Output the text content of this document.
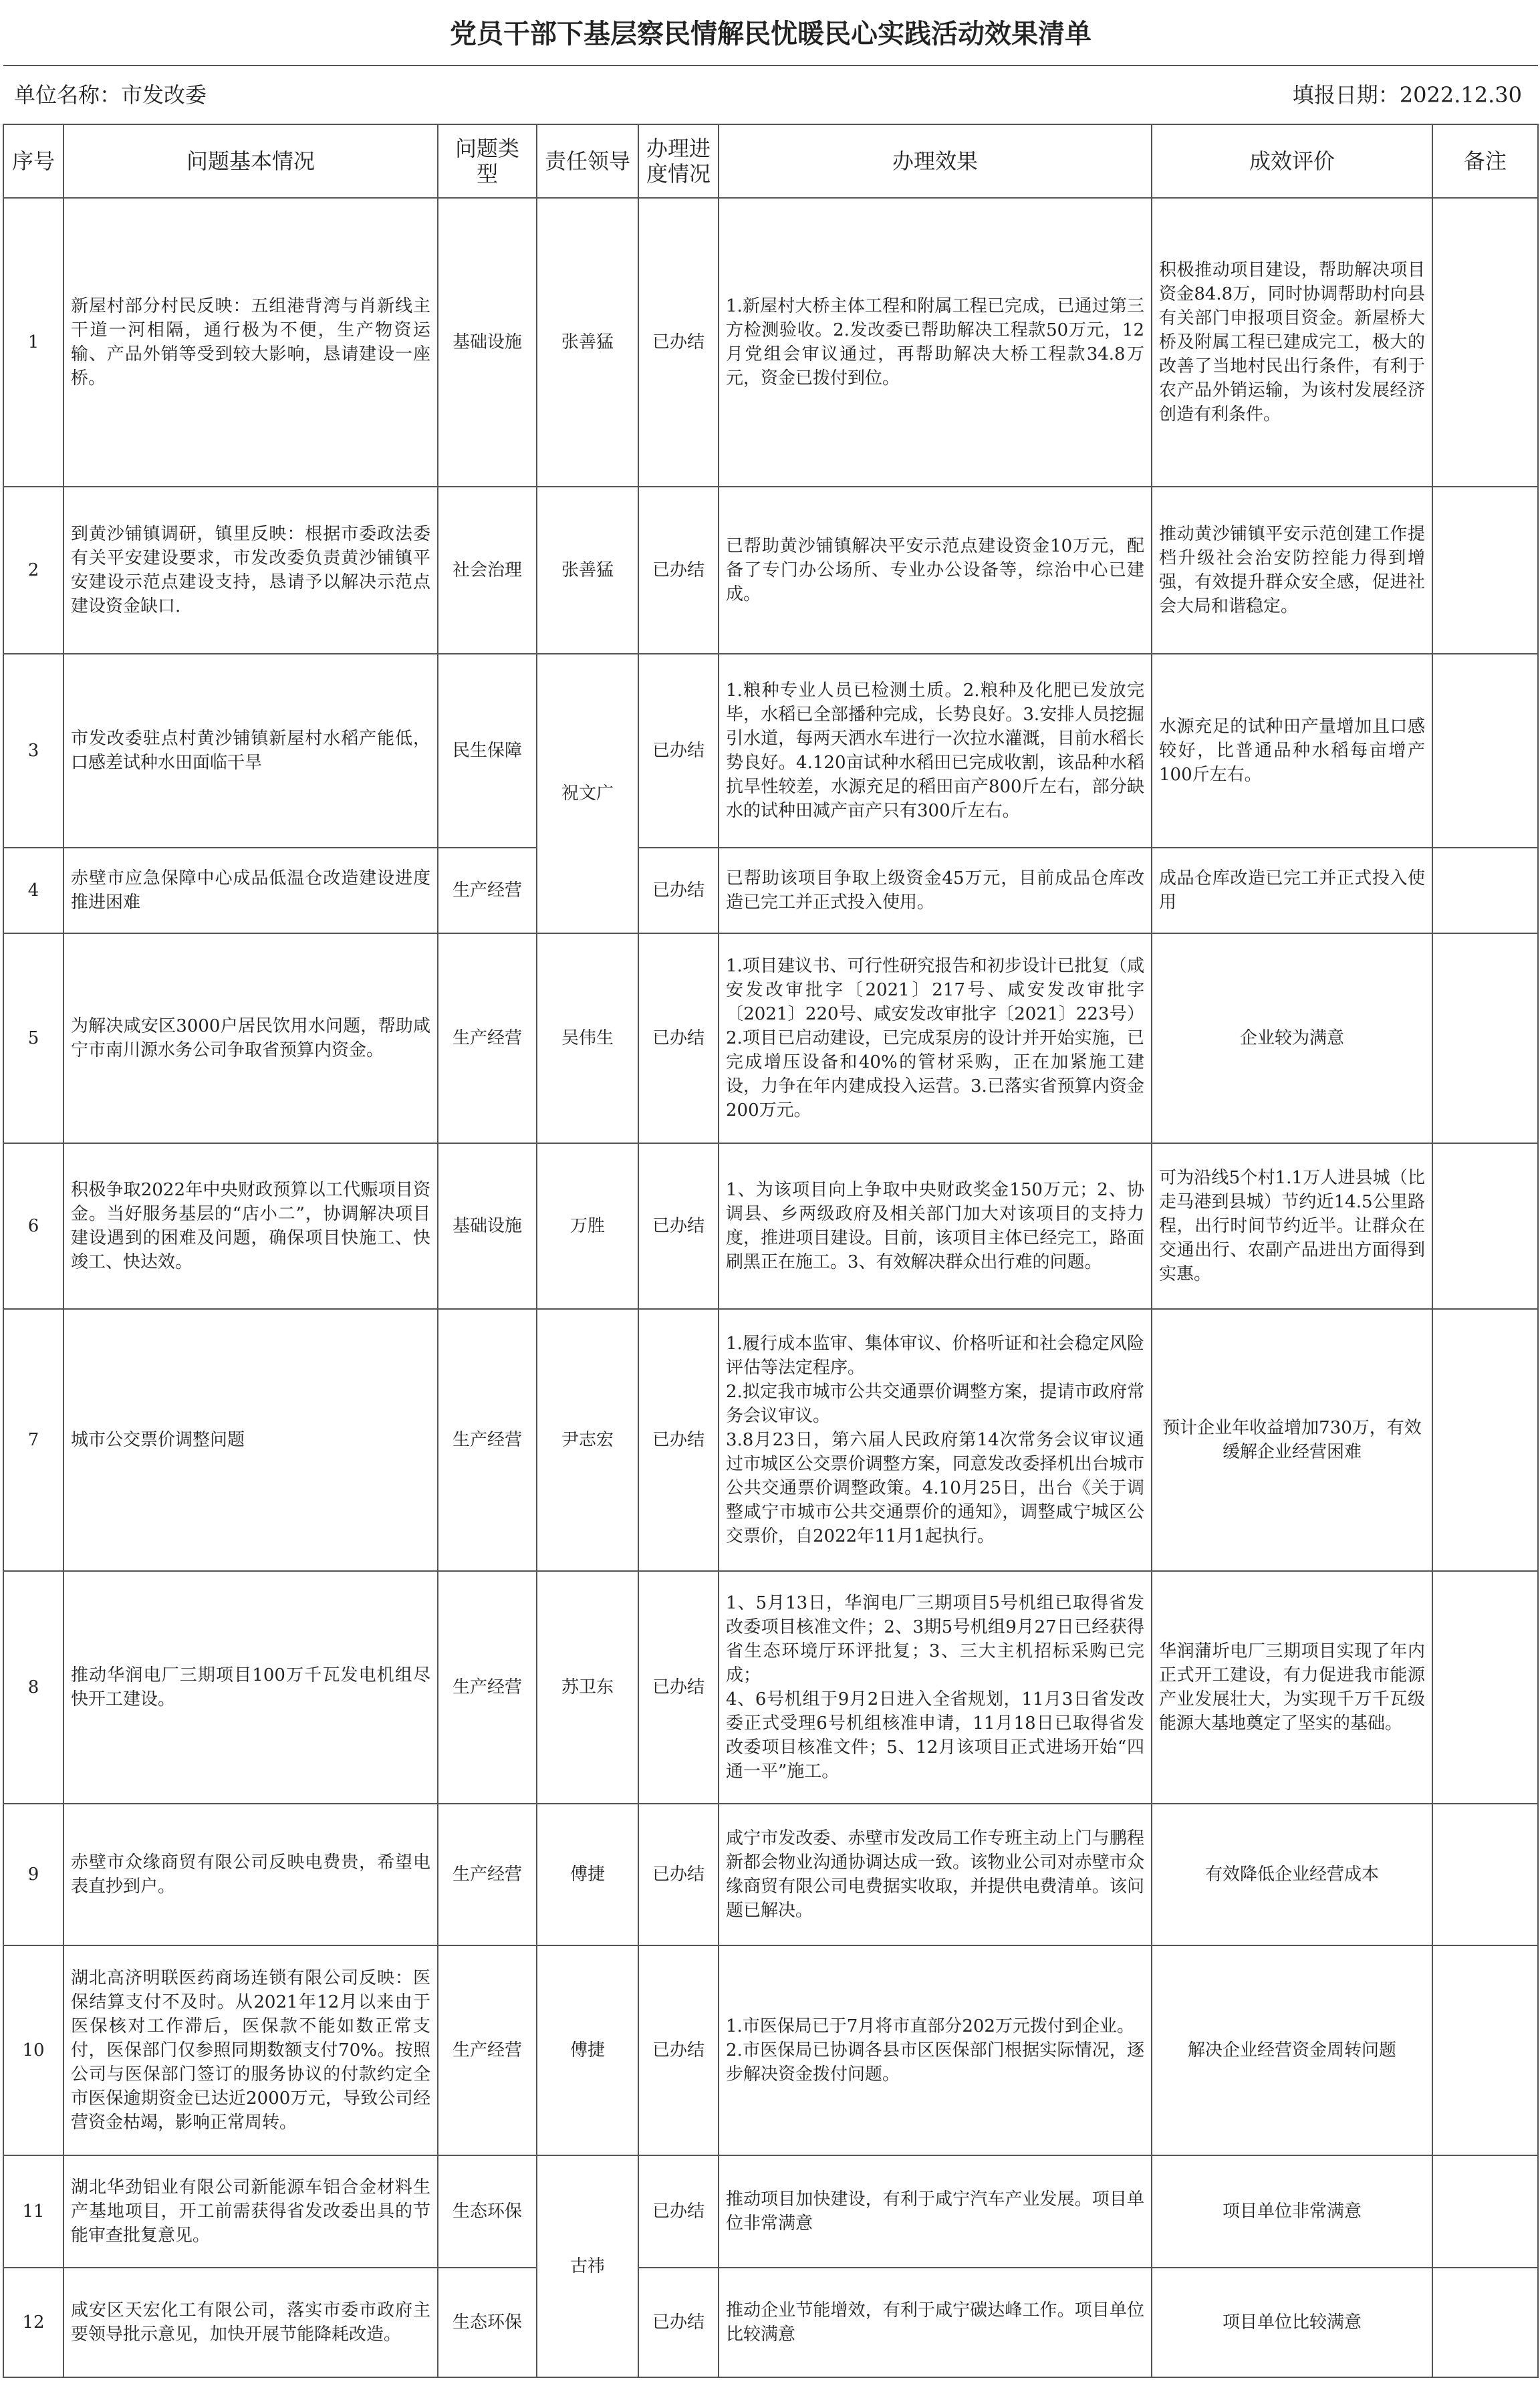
党员干部下基层察民情解民忧暖民心实践活动效果清单							
单位名称：市发改委						填报日期：2022.12.30	
序号	问题基本情况	问题类型	责任领导	办理进度情况	办理效果	成效评价	备注
1	新屋村部分村民反映：五组港背湾与肖新线主干道一河相隔，通行极为不便，生产物资运输、产品外销等受到较大影响，恳请建设一座桥。	基础设施	张善猛	已办结	1.新屋村大桥主体工程和附属工程已完成，已通过第三方检测验收。2.发改委已帮助解决工程款50万元，12月党组会审议通过，再帮助解决大桥工程款34.8万元，资金已拨付到位。	积极推动项目建设，帮助解决项目资金84.8万，同时协调帮助村向县有关部门申报项目资金。新屋桥大桥及附属工程已建成完工，极大的改善了当地村民出行条件，有利于农产品外销运输，为该村发展经济创造有利条件。	
2	到黄沙铺镇调研，镇里反映：根据市委政法委有关平安建设要求，市发改委负责黄沙铺镇平安建设示范点建设支持，恳请予以解决示范点建设资金缺口.	社会治理	张善猛	已办结	已帮助黄沙铺镇解决平安示范点建设资金10万元，配备了专门办公场所、专业办公设备等，综治中心已建成。	推动黄沙铺镇平安示范创建工作提档升级社会治安防控能力得到增强，有效提升群众安全感，促进社会大局和谐稳定。	
3	市发改委驻点村黄沙铺镇新屋村水稻产能低，口感差试种水田面临干旱	民生保障	祝文广	已办结	1.粮种专业人员已检测土质。2.粮种及化肥已发放完毕，水稻已全部播种完成，长势良好。3.安排人员挖掘引水道，每两天洒水车进行一次拉水灌溉，目前水稻长势良好。4.120亩试种水稻田已完成收割，该品种水稻抗旱性较差，水源充足的稻田亩产800斤左右，部分缺水的试种田减产亩产只有300斤左右。	水源充足的试种田产量增加且口感较好，比普通品种水稻每亩增产100斤左右。	
4	赤壁市应急保障中心成品低温仓改造建设进度推进困难	生产经营		已办结	已帮助该项目争取上级资金45万元，目前成品仓库改造已完工并正式投入使用。	成品仓库改造已完工并正式投入使用	
5	为解决咸安区3000户居民饮用水问题，帮助咸宁市南川源水务公司争取省预算内资金。	生产经营	吴伟生	已办结	1.项目建议书、可行性研究报告和初步设计已批复（咸安发改审批字〔2021〕217号、咸安发改审批字〔2021〕220号、咸安发改审批字〔2021〕223号）2.项目已启动建设，已完成泵房的设计并开始实施，已完成增压设备和40%的管材采购，正在加紧施工建设，力争在年内建成投入运营。3.已落实省预算内资金200万元。	企业较为满意	
6	积极争取2022年中央财政预算以工代赈项目资金。当好服务基层的“店小二”，协调解决项目建设遇到的困难及问题，确保项目快施工、快竣工、快达效。	基础设施	万胜	已办结	1、为该项目向上争取中央财政奖金150万元；2、协调县、乡两级政府及相关部门加大对该项目的支持力度，推进项目建设。目前，该项目主体已经完工，路面刷黑正在施工。3、有效解决群众出行难的问题。	可为沿线5个村1.1万人进县城（比走马港到县城）节约近14.5公里路程，出行时间节约近半。让群众在交通出行、农副产品进出方面得到实惠。	
7	城市公交票价调整问题	生产经营	尹志宏	已办结	1.履行成本监审、集体审议、价格听证和社会稳定风险评估等法定程序。
2.拟定我市城市公共交通票价调整方案，提请市政府常务会议审议。
3.8月23日，第六届人民政府第14次常务会议审议通过市城区公交票价调整方案，同意发改委择机出台城市公共交通票价调整政策。4.10月25日，出台《关于调整咸宁市城市公共交通票价的通知》，调整咸宁城区公交票价，自2022年11月1起执行。	预计企业年收益增加730万，有效缓解企业经营困难	
8	推动华润电厂三期项目100万千瓦发电机组尽快开工建设。	生产经营	苏卫东	已办结	1、5月13日，华润电厂三期项目5号机组已取得省发改委项目核准文件；2、3期5号机组9月27日已经获得省生态环境厅环评批复；3、三大主机招标采购已完成；
4、6号机组于9月2日进入全省规划，11月3日省发改委正式受理6号机组核准申请，11月18日已取得省发改委项目核准文件；5、12月该项目正式进场开始“四通一平”施工。	华润蒲圻电厂三期项目实现了年内正式开工建设，有力促进我市能源产业发展壮大，为实现千万千瓦级能源大基地奠定了坚实的基础。	
9	赤壁市众缘商贸有限公司反映电费贵，希望电表直抄到户。	生产经营	傅捷	已办结	咸宁市发改委、赤壁市发改局工作专班主动上门与鹏程新都会物业沟通协调达成一致。该物业公司对赤壁市众缘商贸有限公司电费据实收取，并提供电费清单。该问题已解决。	有效降低企业经营成本	
10	湖北高济明联医药商场连锁有限公司反映：医保结算支付不及时。从2021年12月以来由于医保核对工作滞后，医保款不能如数正常支付，医保部门仅参照同期数额支付70%。按照公司与医保部门签订的服务协议的付款约定全市医保逾期资金已达近2000万元，导致公司经营资金枯竭，影响正常周转。	生产经营	傅捷	已办结	1.市医保局已于7月将市直部分202万元拨付到企业。
2.市医保局已协调各县市区医保部门根据实际情况，逐步解决资金拨付问题。	解决企业经营资金周转问题	
11	湖北华劲铝业有限公司新能源车铝合金材料生产基地项目，开工前需获得省发改委出具的节能审查批复意见。	生态环保	古祎	已办结	推动项目加快建设，有利于咸宁汽车产业发展。项目单位非常满意	项目单位非常满意	
12	咸安区天宏化工有限公司，落实市委市政府主要领导批示意见，加快开展节能降耗改造。	生态环保		已办结	推动企业节能增效，有利于咸宁碳达峰工作。项目单位比较满意	项目单位比较满意	
